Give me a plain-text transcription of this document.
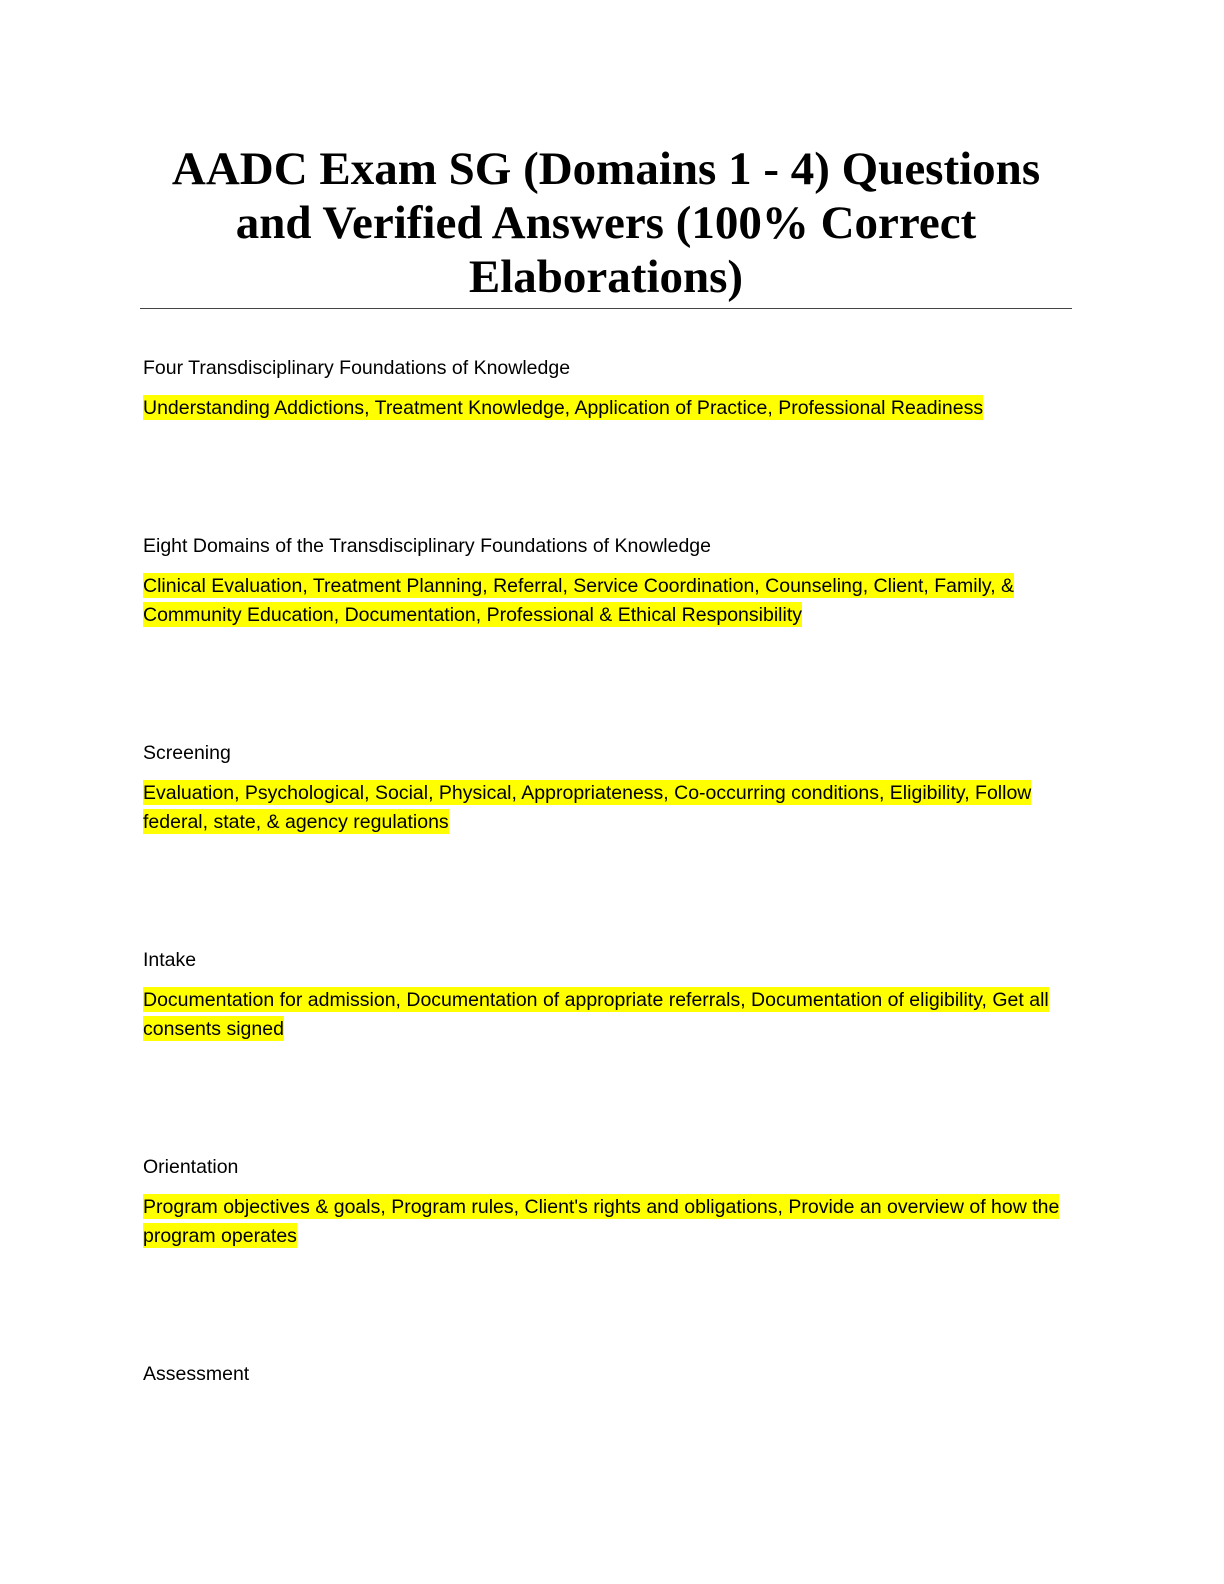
AADC Exam SG (Domains 1 - 4) Questions and Verified Answers (100% Correct Elaborations)

Four Transdisciplinary Foundations of Knowledge

Understanding Addictions, Treatment Knowledge, Application of Practice, Professional Readiness

Eight Domains of the Transdisciplinary Foundations of Knowledge

Clinical Evaluation, Treatment Planning, Referral, Service Coordination, Counseling, Client, Family, & Community Education, Documentation, Professional & Ethical Responsibility

Screening

Evaluation, Psychological, Social, Physical, Appropriateness, Co-occurring conditions, Eligibility, Follow federal, state, & agency regulations

Intake

Documentation for admission, Documentation of appropriate referrals, Documentation of eligibility, Get all consents signed

Orientation

Program objectives & goals, Program rules, Client's rights and obligations, Provide an overview of how the program operates

Assessment
